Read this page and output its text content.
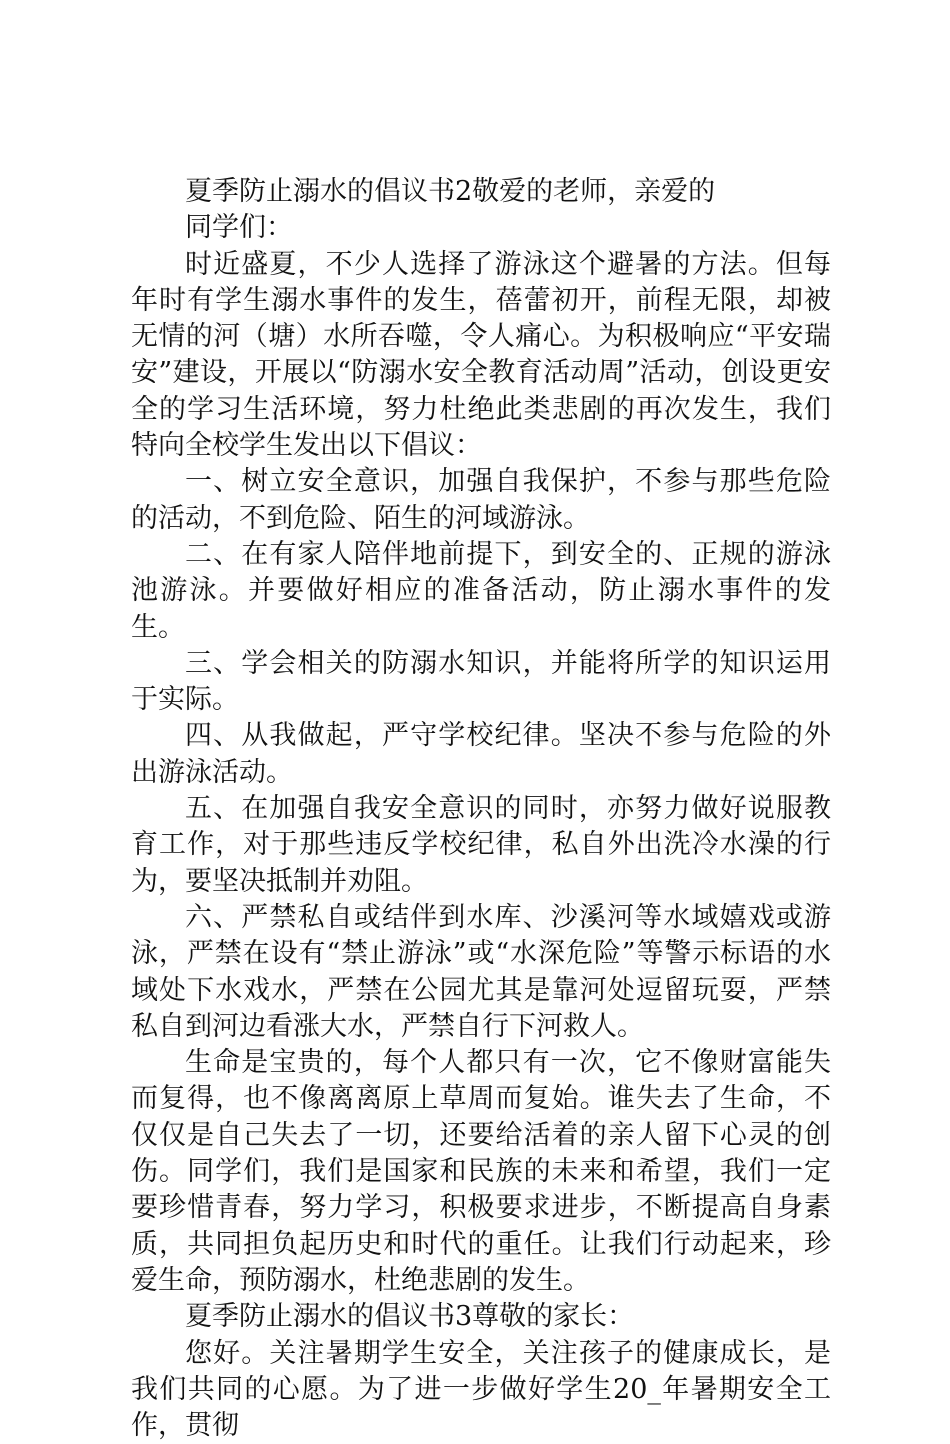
夏季防止溺水的倡议书2敬爱的老师，亲爱的

同学们：

时近盛夏，不少人选择了游泳这个避暑的方法。但每年时有学生溺水事件的发生，蓓蕾初开，前程无限，却被无情的河（塘）水所吞噬，令人痛心。为积极响应“平安瑞安”建设，开展以“防溺水安全教育活动周”活动，创设更安全的学习生活环境，努力杜绝此类悲剧的再次发生，我们特向全校学生发出以下倡议：

一、树立安全意识，加强自我保护，不参与那些危险的活动，不到危险、陌生的河域游泳。

二、在有家人陪伴地前提下，到安全的、正规的游泳池游泳。并要做好相应的准备活动，防止溺水事件的发生。

三、学会相关的防溺水知识，并能将所学的知识运用于实际。

四、从我做起，严守学校纪律。坚决不参与危险的外出游泳活动。

五、在加强自我安全意识的同时，亦努力做好说服教育工作，对于那些违反学校纪律，私自外出洗冷水澡的行为，要坚决抵制并劝阻。

六、严禁私自或结伴到水库、沙溪河等水域嬉戏或游泳，严禁在设有“禁止游泳”或“水深危险”等警示标语的水域处下水戏水，严禁在公园尤其是靠河处逗留玩耍，严禁私自到河边看涨大水，严禁自行下河救人。

生命是宝贵的，每个人都只有一次，它不像财富能失而复得，也不像离离原上草周而复始。谁失去了生命，不仅仅是自己失去了一切，还要给活着的亲人留下心灵的创伤。同学们，我们是国家和民族的未来和希望，我们一定要珍惜青春，努力学习，积极要求进步，不断提高自身素质，共同担负起历史和时代的重任。让我们行动起来，珍爱生命，预防溺水，杜绝悲剧的发生。

夏季防止溺水的倡议书3尊敬的家长：

您好。关注暑期学生安全，关注孩子的健康成长，是我们共同的心愿。为了进一步做好学生20_年暑期安全工作，贯彻
